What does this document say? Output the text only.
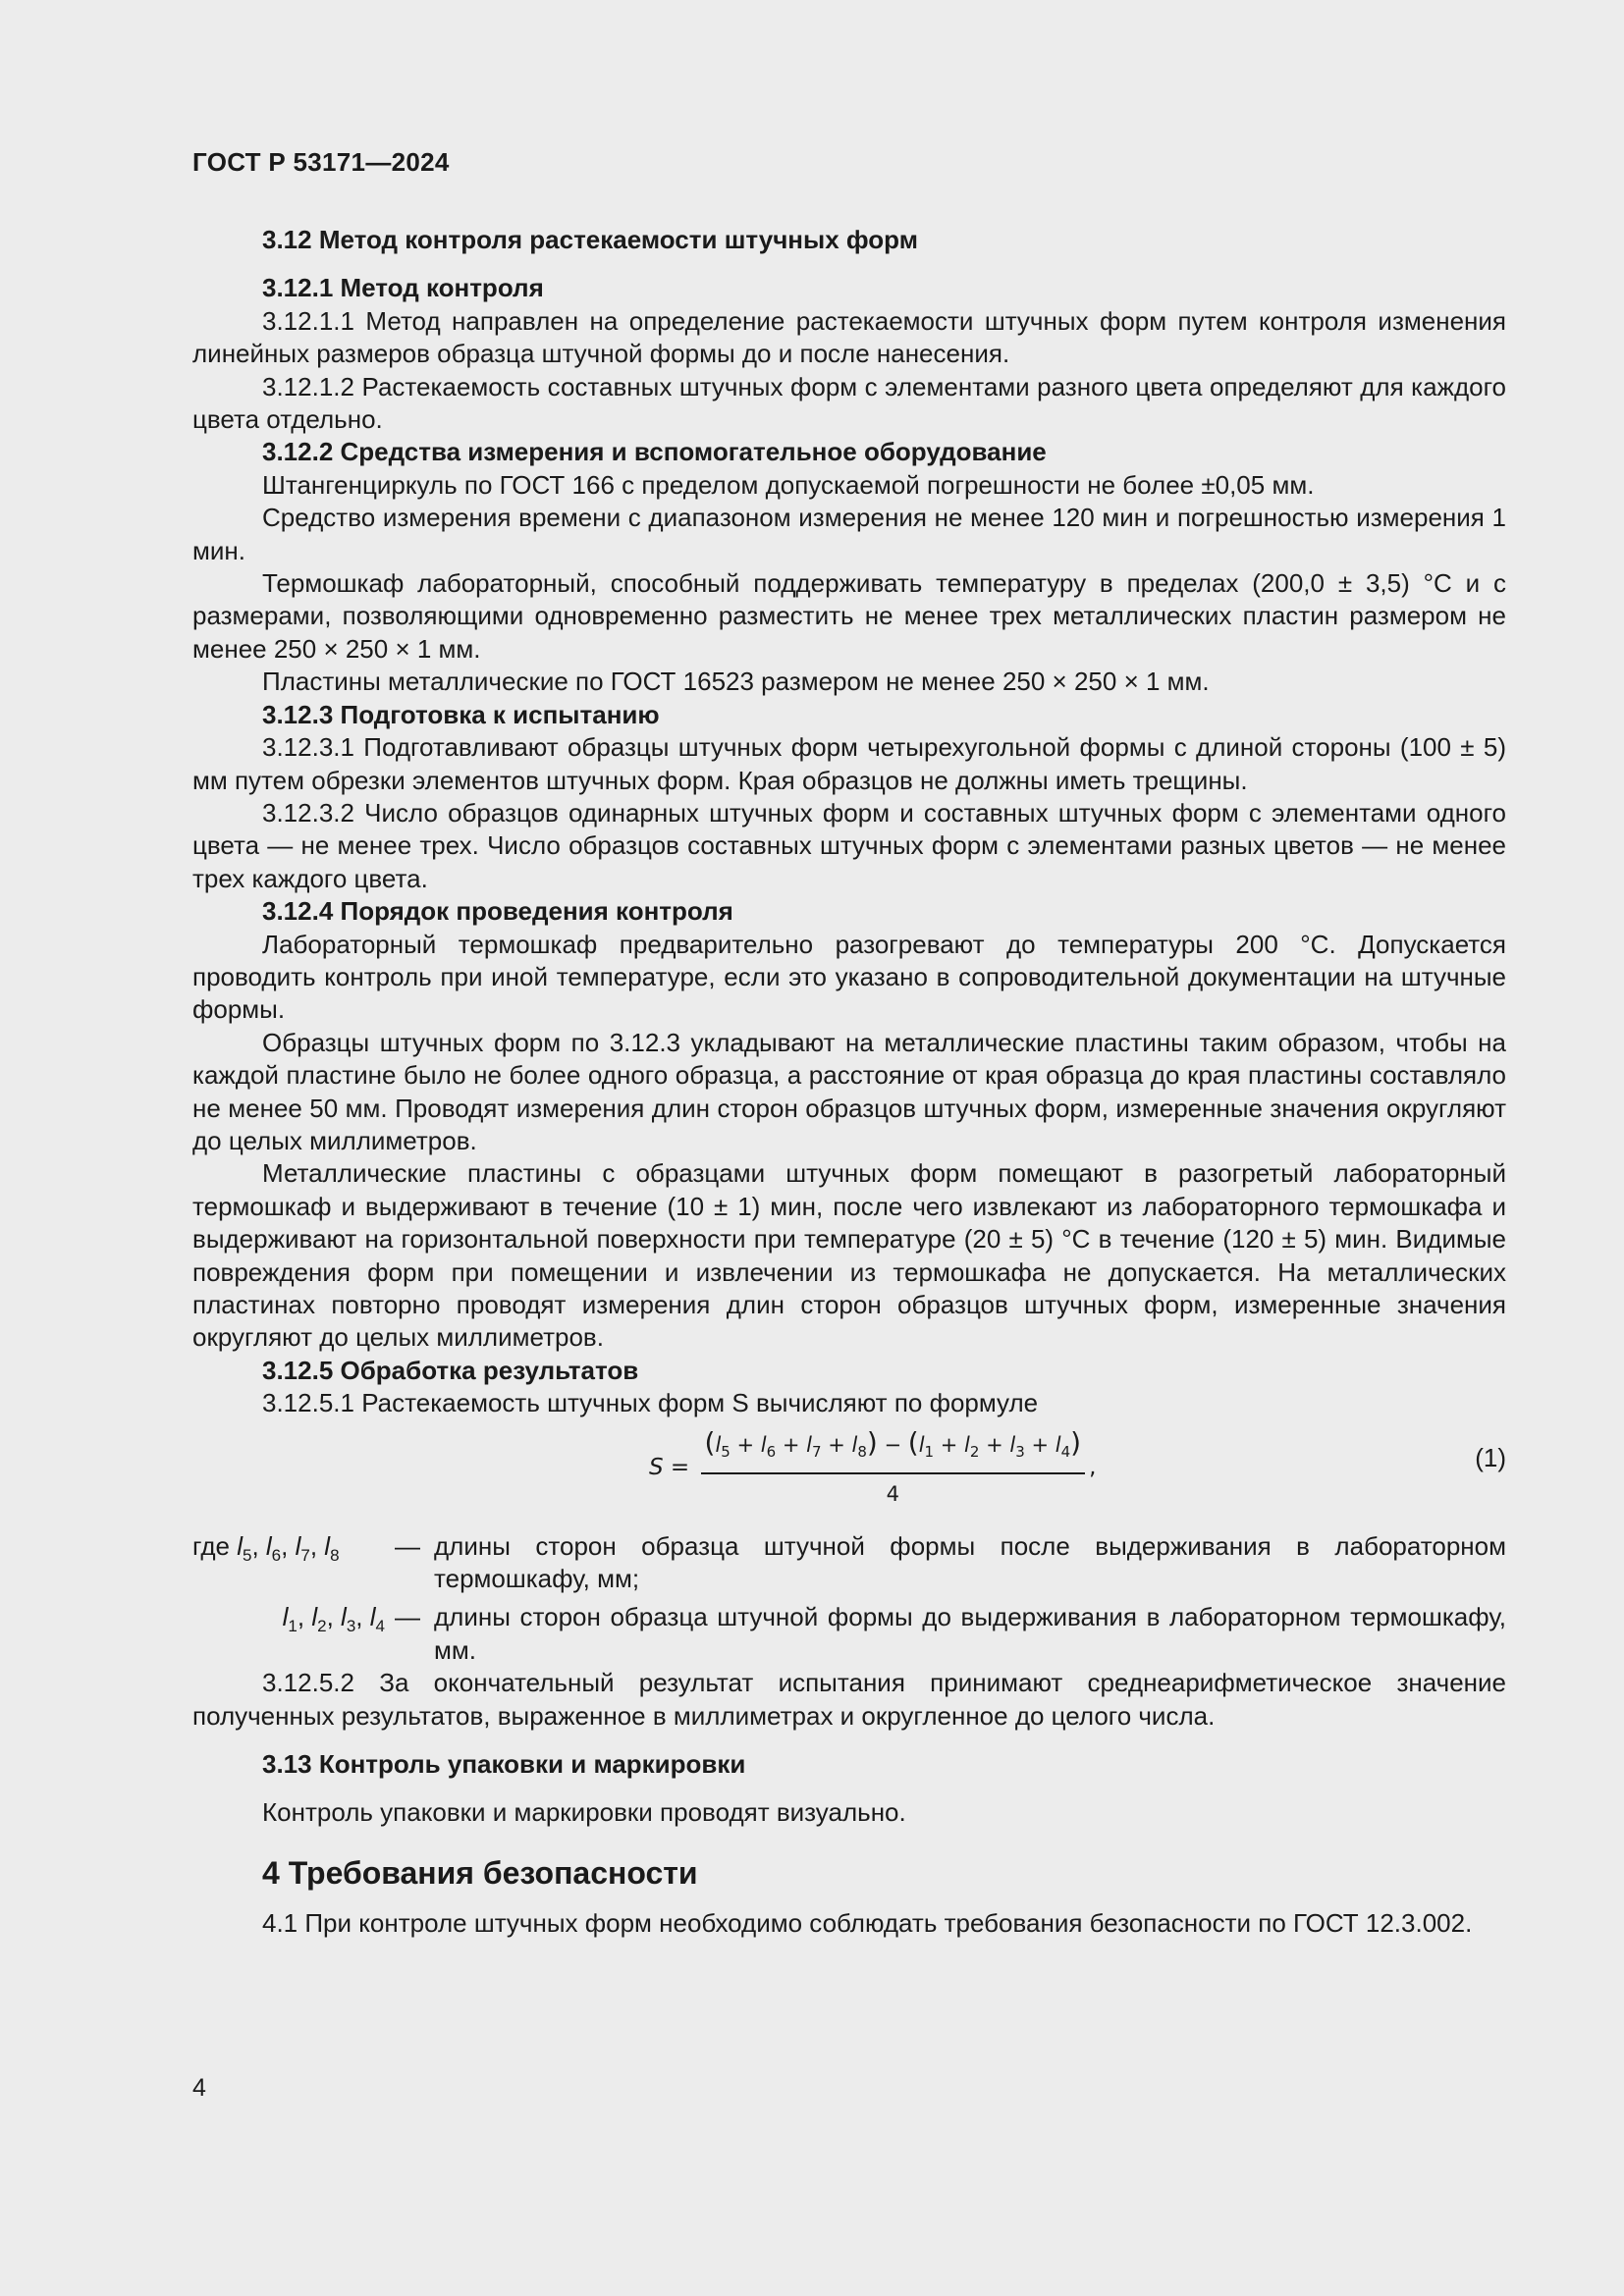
ГОСТ Р 53171—2024

3.12 Метод контроля растекаемости штучных форм

3.12.1 Метод контроля

3.12.1.1 Метод направлен на определение растекаемости штучных форм путем контроля изменения линейных размеров образца штучной формы до и после нанесения.

3.12.1.2 Растекаемость составных штучных форм с элементами разного цвета определяют для каждого цвета отдельно.

3.12.2 Средства измерения и вспомогательное оборудование

Штангенциркуль по ГОСТ 166 с пределом допускаемой погрешности не более ±0,05 мм.

Средство измерения времени с диапазоном измерения не менее 120 мин и погрешностью измерения 1 мин.

Термошкаф лабораторный, способный поддерживать температуру в пределах (200,0 ± 3,5) °С и с размерами, позволяющими одновременно разместить не менее трех металлических пластин размером не менее 250 × 250 × 1 мм.

Пластины металлические по ГОСТ 16523 размером не менее 250 × 250 × 1 мм.

3.12.3 Подготовка к испытанию

3.12.3.1 Подготавливают образцы штучных форм четырехугольной формы с длиной стороны (100 ± 5) мм путем обрезки элементов штучных форм. Края образцов не должны иметь трещины.

3.12.3.2 Число образцов одинарных штучных форм и составных штучных форм с элементами одного цвета — не менее трех. Число образцов составных штучных форм с элементами разных цветов — не менее трех каждого цвета.

3.12.4 Порядок проведения контроля

Лабораторный термошкаф предварительно разогревают до температуры 200 °С. Допускается проводить контроль при иной температуре, если это указано в сопроводительной документации на штучные формы.

Образцы штучных форм по 3.12.3 укладывают на металлические пластины таким образом, чтобы на каждой пластине было не более одного образца, а расстояние от края образца до края пластины составляло не менее 50 мм. Проводят измерения длин сторон образцов штучных форм, измеренные значения округляют до целых миллиметров.

Металлические пластины с образцами штучных форм помещают в разогретый лабораторный термошкаф и выдерживают в течение (10 ± 1) мин, после чего извлекают из лабораторного термошкафа и выдерживают на горизонтальной поверхности при температуре (20 ± 5) °С в течение (120 ± 5) мин. Видимые повреждения форм при помещении и извлечении из термошкафа не допускается. На металлических пластинах повторно проводят измерения длин сторон образцов штучных форм, измеренные значения округляют до целых миллиметров.

3.12.5 Обработка результатов

3.12.5.1 Растекаемость штучных форм S вычисляют по формуле

$S = \frac{(l_5 + l_6 + l_7 + l_8) - (l_1 + l_2 + l_3 + l_4)}{4}$ ,	(1)
где $l_5$, $l_6$, $l_7$, $l_8$	— длины сторон образца штучной формы после выдерживания в лабораторном термошкафу, мм;
$l_1$, $l_2$, $l_3$, $l_4$ — длины сторон образца штучной формы до выдерживания в лабораторном термошкафу, мм.

3.12.5.2 За окончательный результат испытания принимают среднеарифметическое значение полученных результатов, выраженное в миллиметрах и округленное до целого числа.

3.13 Контроль упаковки и маркировки

Контроль упаковки и маркировки проводят визуально.

4 Требования безопасности

4.1 При контроле штучных форм необходимо соблюдать требования безопасности по ГОСТ 12.3.002.

4
